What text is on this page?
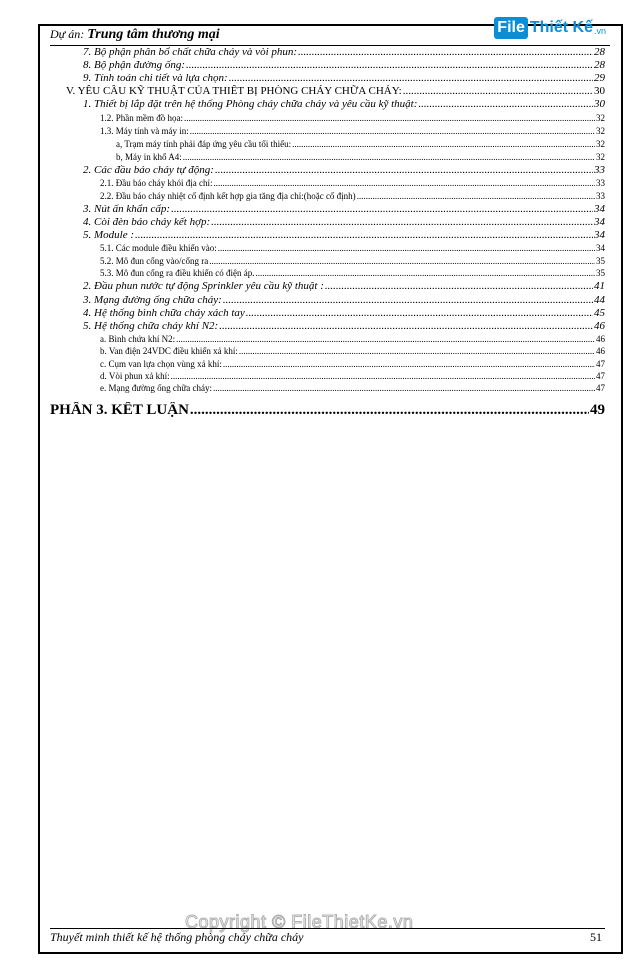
Dự án: Trung tâm thương mại	File Thiết Kế .vn
7. Bộ phận phân bổ chất chữa cháy và vòi phun: .....	28
8. Bộ phận đường ống: .....	28
9. Tính toán chi tiết và lựa chọn: .....	29
V. YÊU CẦU KỸ THUẬT CỦA THIẾT BỊ PHÒNG CHÁY CHỮA CHÁY: .....	30
1. Thiết bị lắp đặt trên hệ thống Phòng cháy chữa cháy và yêu cầu kỹ thuật: .....	30
1.2. Phần mềm đồ họa: .....	32
1.3. Máy tính và máy in: .....	32
a, Trạm máy tính phải đáp ứng yêu cầu tối thiểu: .....	32
b, Máy in khổ A4: .....	32
2. Các đầu báo cháy tự động: .....	33
2.1. Đầu báo cháy khói địa chỉ: .....	33
2.2. Đầu báo cháy nhiệt cố định kết hợp gia tăng địa chỉ:(hoặc cố định) .....	33
3. Nút ấn khẩn cấp: .....	34
4. Còi đèn báo cháy kết hợp: .....	34
5. Module : .....	34
5.1. Các module điều khiển vào: .....	34
5.2. Mô đun cổng vào/cổng ra .....	35
5.3. Mô đun cổng ra điều khiển có điện áp. .....	35
2. Đầu phun nước tự động Sprinkler yêu cầu kỹ thuật : .....	41
3. Mạng đường ống chữa cháy: .....	44
4. Hệ thống bình chữa cháy xách tay .....	45
5. Hệ thống chữa cháy khí N2: .....	46
a. Bình chứa khí N2: .....	46
b. Van điện 24VDC điều khiển xả khí: .....	46
c. Cụm van lựa chọn vùng xả khí: .....	47
d. Vòi phun xả khí: .....	47
e. Mạng đường ống chữa cháy: .....	47
PHẦN 3. KẾT LUẬN .....	49
Copyright © FileThietKe.vn
Thuyết minh thiết kế hệ thống phòng cháy chữa cháy	51
